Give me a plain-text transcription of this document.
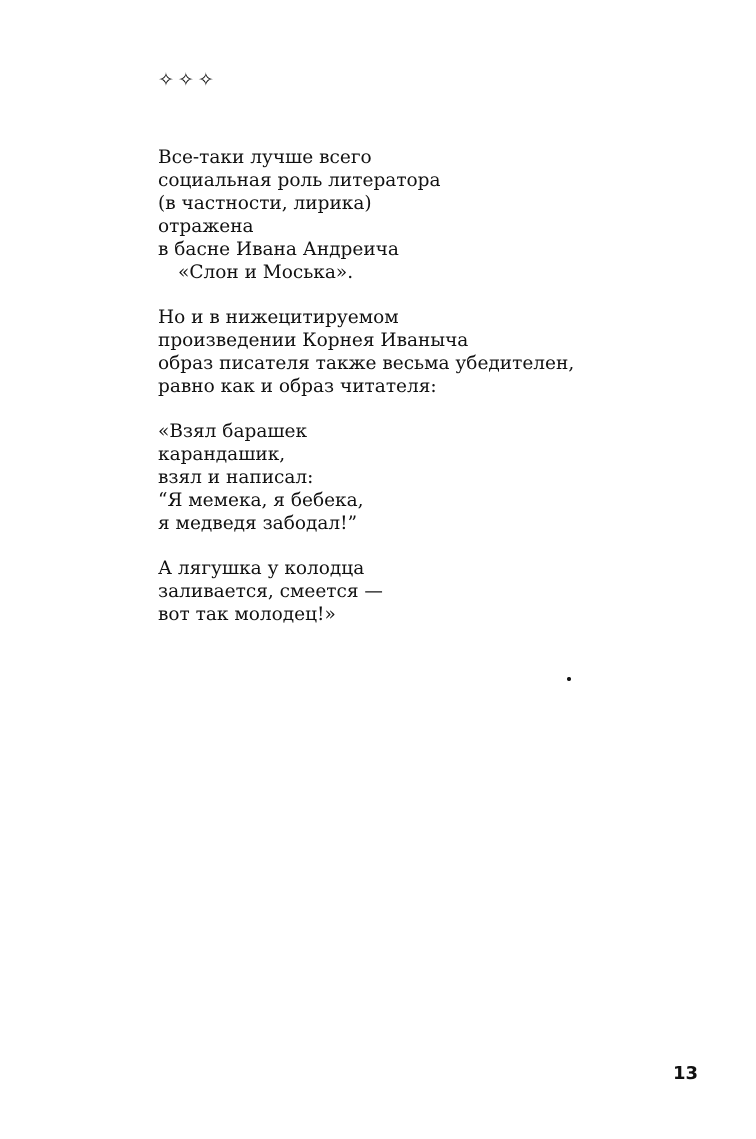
✧✧✧
Все-таки лучше всего
социальная роль литератора
(в частности, лирика)
отражена
в басне Ивана Андреича
«Слон и Моська».
Но и в нижецитируемом
произведении Корнея Иваныча
образ писателя также весьма убедителен,
равно как и образ читателя:
«Взял барашек
карандашик,
взял и написал:
“Я мемека, я бебека,
я медведя забодал!”
А лягушка у колодца
заливается, смеется —
вот так молодец!»
13
